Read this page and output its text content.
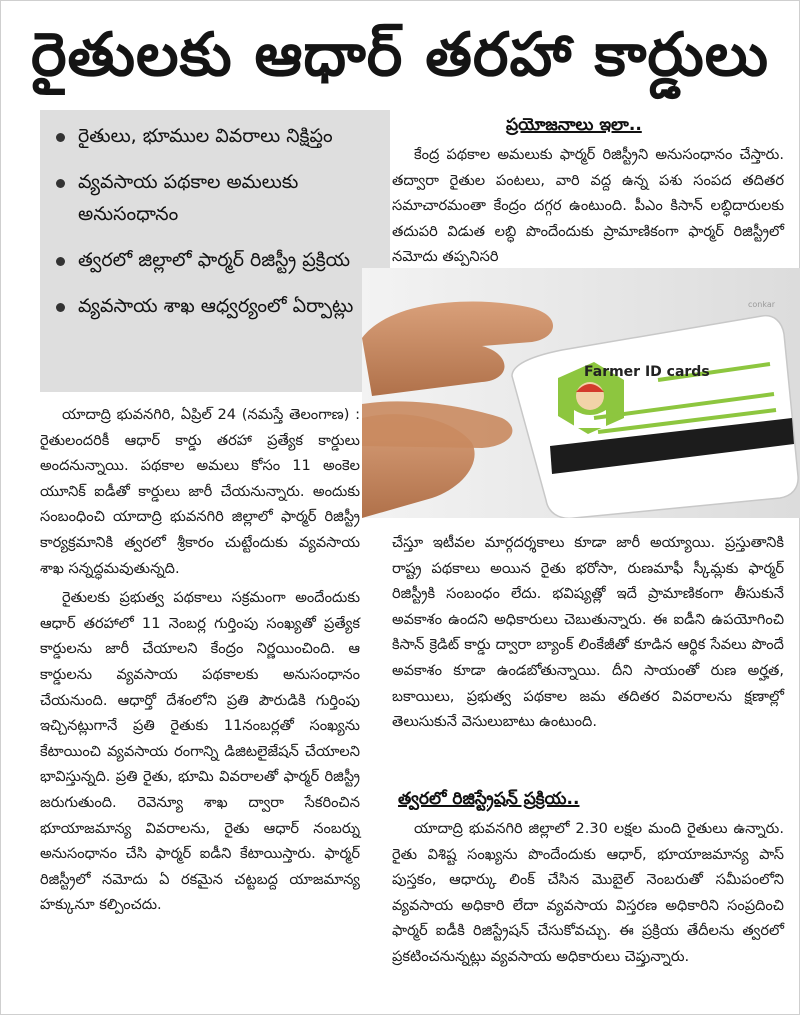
రైతులకు ఆధార్ తరహా కార్డులు
రైతులు, భూముల వివరాలు నిక్షిప్తం
వ్యవసాయ పథకాల అమలుకు అనుసంధానం
త్వరలో జిల్లాలో ఫార్మర్ రిజిస్ట్రీ ప్రక్రియ
వ్యవసాయ శాఖ ఆధ్వర్యంలో ఏర్పాట్లు

యాదాద్రి భువనగిరి, ఏప్రిల్ 24 (నమస్తే తెలంగాణ) : రైతులందరికీ ఆధార్ కార్డు తరహా ప్రత్యేక కార్డులు అందనున్నాయి. పథకాల అమలు కోసం 11 అంకెల యూనిక్ ఐడీతో కార్డులు జారీ చేయనున్నారు. అందుకు సంబంధించి యాదాద్రి భువనగిరి జిల్లాలో ఫార్మర్ రిజిస్ట్రీ కార్యక్రమానికి త్వరలో శ్రీకారం చుట్టేందుకు వ్యవసాయ శాఖ సన్నద్ధమవుతున్నది.

రైతులకు ప్రభుత్వ పథకాలు సక్రమంగా అందేందుకు ఆధార్ తరహాలో 11 నెంబర్ల గుర్తింపు సంఖ్యతో ప్రత్యేక కార్డులను జారీ చేయాలని కేంద్రం నిర్ణయించింది. ఆ కార్డులను వ్యవసాయ పథకాలకు అనుసంధానం చేయనుంది. ఆధార్తో దేశంలోని ప్రతి పౌరుడికి గుర్తింపు ఇచ్చినట్లుగానే ప్రతి రైతుకు 11నంబర్లతో సంఖ్యను కేటాయించి వ్యవసాయ రంగాన్ని డిజిటలైజేషన్ చేయాలని భావిస్తున్నది. ప్రతి రైతు, భూమి వివరాలతో ఫార్మర్ రిజిస్ట్రీ జరుగుతుంది. రెవెన్యూ శాఖ ద్వారా సేకరించిన భూయాజమాన్య వివరాలను, రైతు ఆధార్ నంబర్ను అనుసంధానం చేసి ఫార్మర్ ఐడీని కేటాయిస్తారు. ఫార్మర్ రిజిస్ట్రీలో నమోదు ఏ రకమైన చట్టబద్ద యాజమాన్య హక్కునూ కల్పించదు.

ప్రయోజనాలు ఇలా..

కేంద్ర పథకాల అమలుకు ఫార్మర్ రిజిస్ట్రీని అనుసంధానం చేస్తారు. తద్వారా రైతుల పంటలు, వారి వద్ద ఉన్న పశు సంపద తదితర సమాచారమంతా కేంద్రం దగ్గర ఉంటుంది. పీఎం కిసాన్ లబ్ధిదారులకు తదుపరి విడుత లబ్ధి పొందేందుకు ప్రామాణికంగా ఫార్మర్ రిజిస్ట్రీలో నమోదు తప్పనిసరి

Farmer ID cards
conkar

చేస్తూ ఇటీవల మార్గదర్శకాలు కూడా జారీ అయ్యాయి. ప్రస్తుతానికి రాష్ట్ర పథకాలు అయిన రైతు భరోసా, రుణమాఫీ స్కీమ్లకు ఫార్మర్ రిజిస్ట్రీకి సంబంధం లేదు. భవిష్యత్లో ఇదే ప్రామాణికంగా తీసుకునే అవకాశం ఉందని అధికారులు చెబుతున్నారు. ఈ ఐడీని ఉపయోగించి కిసాన్ క్రెడిట్ కార్డు ద్వారా బ్యాంక్ లింకేజీతో కూడిన ఆర్థిక సేవలు పొందే అవకాశం కూడా ఉండబోతున్నాయి. దీని సాయంతో రుణ అర్హత, బకాయిలు, ప్రభుత్వ పథకాల జమ తదితర వివరాలను క్షణాల్లో తెలుసుకునే వెసులుబాటు ఉంటుంది.

త్వరలో రిజిస్ట్రేషన్ ప్రక్రియ..

యాదాద్రి భువనగిరి జిల్లాలో 2.30 లక్షల మంది రైతులు ఉన్నారు. రైతు విశిష్ట సంఖ్యను పొందేందుకు ఆధార్, భూయాజమాన్య పాస్ పుస్తకం, ఆధార్కు లింక్ చేసిన మొబైల్ నెంబరుతో సమీపంలోని వ్యవసాయ అధికారి లేదా వ్యవసాయ విస్తరణ అధికారిని సంప్రదించి ఫార్మర్ ఐడీకి రిజిస్ట్రేషన్ చేసుకోవచ్చు. ఈ ప్రక్రియ తేదీలను త్వరలో ప్రకటించనున్నట్లు వ్యవసాయ అధికారులు చెప్తున్నారు.
